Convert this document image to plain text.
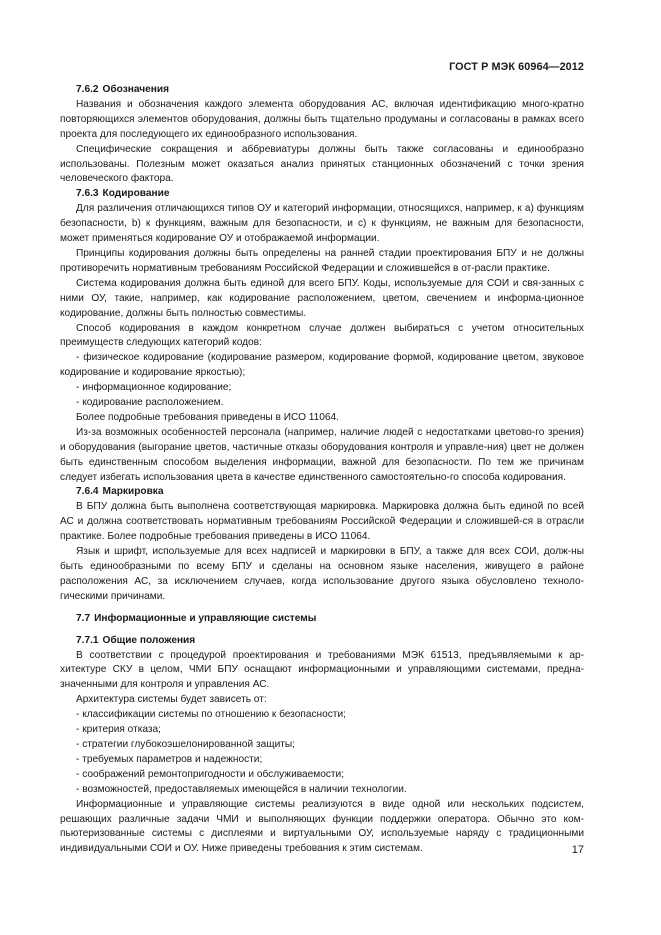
ГОСТ Р МЭК 60964—2012
7.6.2 Обозначения

Названия и обозначения каждого элемента оборудования АС, включая идентификацию много-кратно повторяющихся элементов оборудования, должны быть тщательно продуманы и согласованы в рамках всего проекта для последующего их единообразного использования.

Специфические сокращения и аббревиатуры должны быть также согласованы и единообразно использованы. Полезным может оказаться анализ принятых станционных обозначений с точки зрения человеческого фактора.

7.6.3 Кодирование

Для различения отличающихся типов ОУ и категорий информации, относящихся, например, к а) функциям безопасности, b) к функциям, важным для безопасности, и с) к функциям, не важным для безопасности, может применяться кодирование ОУ и отображаемой информации.

Принципы кодирования должны быть определены на ранней стадии проектирования БПУ и не должны противоречить нормативным требованиям Российской Федерации и сложившейся в от-расли практике.

Система кодирования должна быть единой для всего БПУ. Коды, используемые для СОИ и свя-занных с ними ОУ, такие, например, как кодирование расположением, цветом, свечением и информа-ционное кодирование, должны быть полностью совместимы.

Способ кодирования в каждом конкретном случае должен выбираться с учетом относительных преимуществ следующих категорий кодов:

- физическое кодирование (кодирование размером, кодирование формой, кодирование цветом, звуковое кодирование и кодирование яркостью);

- информационное кодирование;

- кодирование расположением.

Более подробные требования приведены в ИСО 11064.

Из-за возможных особенностей персонала (например, наличие людей с недостатками цветово-го зрения) и оборудования (выгорание цветов, частичные отказы оборудования контроля и управле-ния) цвет не должен быть единственным способом выделения информации, важной для безопасности. По тем же причинам следует избегать использования цвета в качестве единственного самостоятельно-го способа кодирования.

7.6.4 Маркировка

В БПУ должна быть выполнена соответствующая маркировка. Маркировка должна быть единой по всей АС и должна соответствовать нормативным требованиям Российской Федерации и сложившей-ся в отрасли практике. Более подробные требования приведены в ИСО 11064.

Язык и шрифт, используемые для всех надписей и маркировки в БПУ, а также для всех СОИ, долж-ны быть единообразными по всему БПУ и сделаны на основном языке населения, живущего в районе расположения АС, за исключением случаев, когда использование другого языка обусловлено техноло-гическими причинами.

7.7 Информационные и управляющие системы
7.7.1 Общие положения

В соответствии с процедурой проектирования и требованиями МЭК 61513, предъявляемыми к ар-хитектуре СКУ в целом, ЧМИ БПУ оснащают информационными и управляющими системами, предна-значенными для контроля и управления АС.

Архитектура системы будет зависеть от:

- классификации системы по отношению к безопасности;

- критерия отказа;

- стратегии глубокоэшелонированной защиты;

- требуемых параметров и надежности;

- соображений ремонтопригодности и обслуживаемости;

- возможностей, предоставляемых имеющейся в наличии технологии.

Информационные и управляющие системы реализуются в виде одной или нескольких подсистем, решающих различные задачи ЧМИ и выполняющих функции поддержки оператора. Обычно это ком-пьютеризованные системы с дисплеями и виртуальными ОУ, используемые наряду с традиционными индивидуальными СОИ и ОУ. Ниже приведены требования к этим системам.	17
